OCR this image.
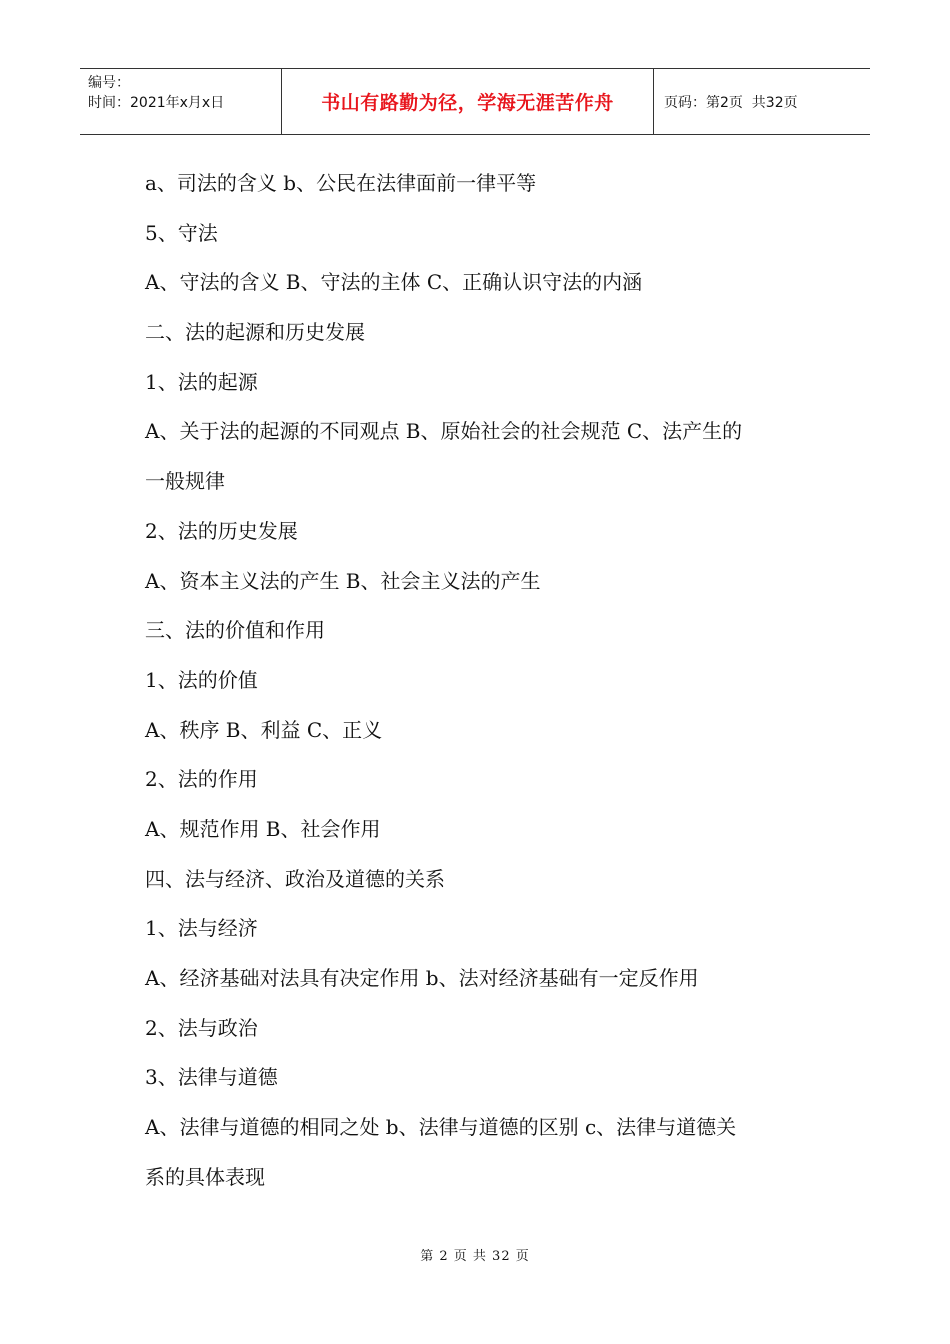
编号：
时间：2021年x月x日	书山有路勤为径，学海无涯苦作舟	页码：第2页  共32页
a、司法的含义 b、公民在法律面前一律平等
5、守法
A、守法的含义 B、守法的主体 C、正确认识守法的内涵
二、法的起源和历史发展
1、法的起源
A、关于法的起源的不同观点 B、原始社会的社会规范 C、法产生的
一般规律
2、法的历史发展
A、资本主义法的产生 B、社会主义法的产生
三、法的价值和作用
1、法的价值
A、秩序 B、利益 C、正义
2、法的作用
A、规范作用 B、社会作用
四、法与经济、政治及道德的关系
1、法与经济
A、经济基础对法具有决定作用 b、法对经济基础有一定反作用
2、法与政治
3、法律与道德
A、法律与道德的相同之处 b、法律与道德的区别 c、法律与道德关
系的具体表现
第 2 页 共 32 页
